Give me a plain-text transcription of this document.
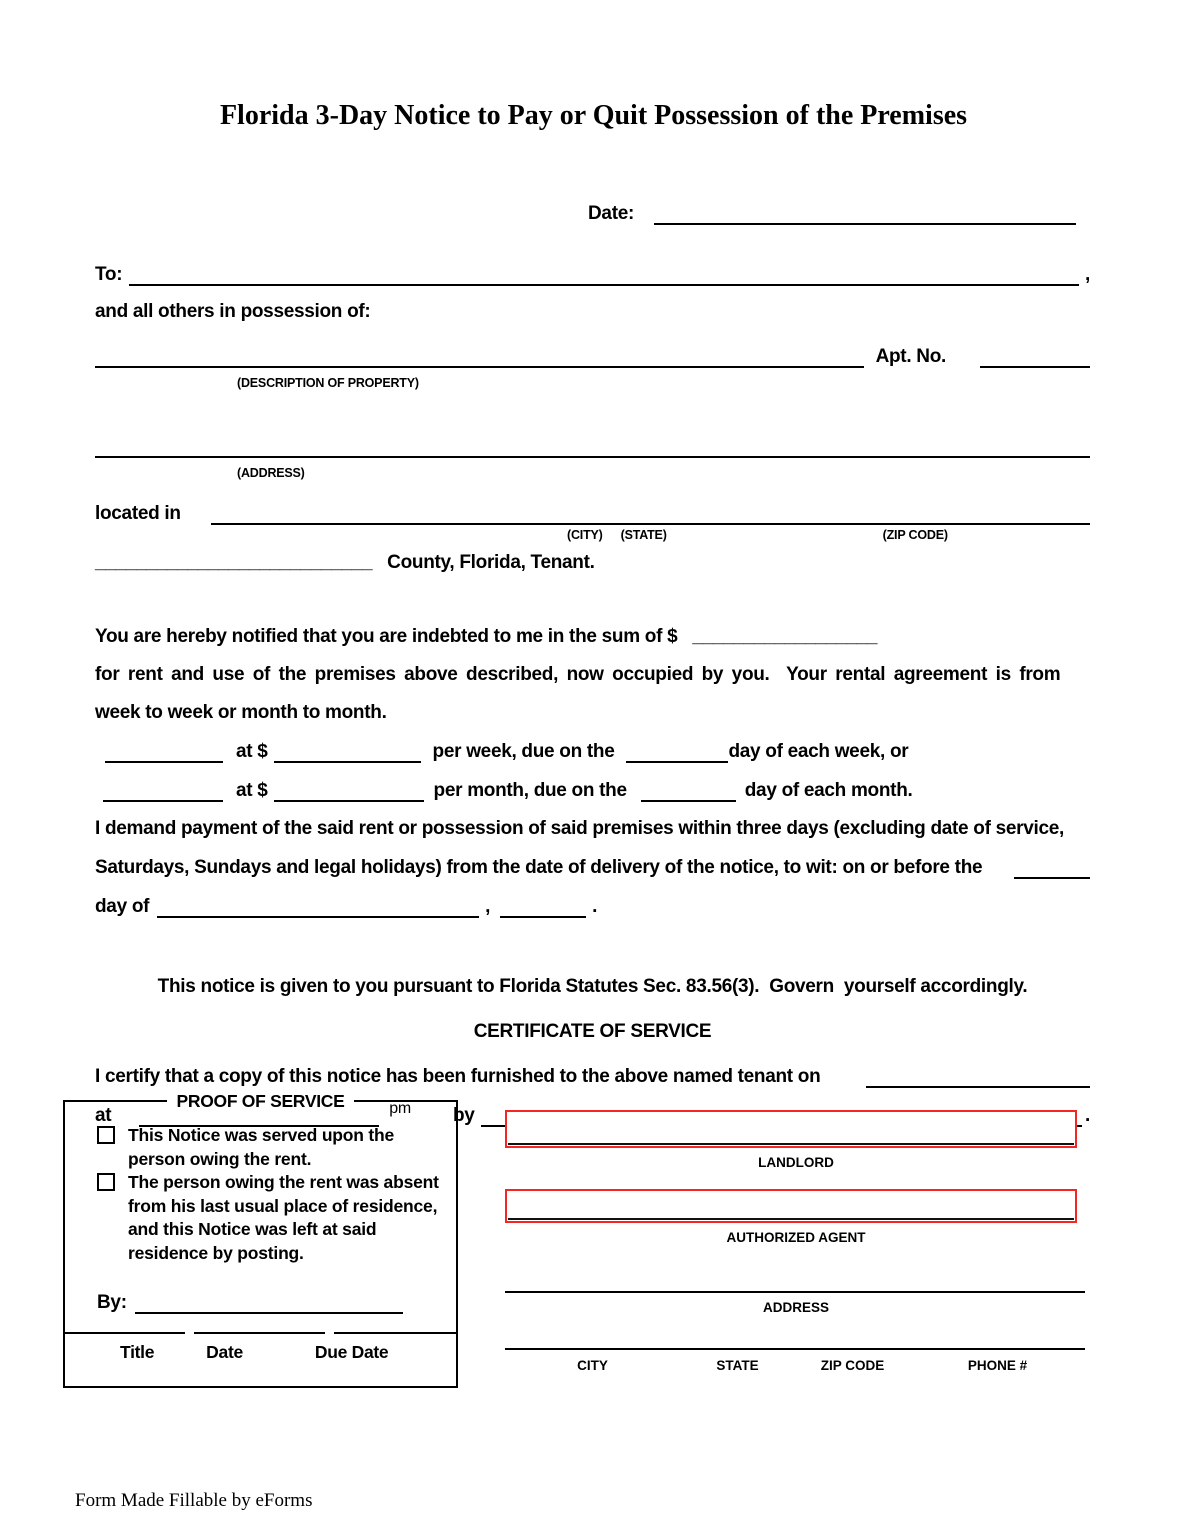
Florida 3-Day Notice to Pay or Quit Possession of the Premises
Date:
To:	,
and all others in possession of:
Apt. No.
(DESCRIPTION OF PROPERTY)
(ADDRESS)
located in
(CITY) (STATE)	(ZIP CODE)
___________________________ County, Florida, Tenant.
You are hereby notified that you are indebted to me in the sum of $ __________________
for rent and use of the premises above described, now occupied by you.  Your rental agreement is from
week to week or month to month.
at $	per week, due on the	day of each week, or
at $	per month, due on the	day of each month.
I demand payment of the said rent or possession of said premises within three days (excluding date of service,
Saturdays, Sundays and legal holidays) from the date of delivery of the notice, to wit: on or before the
day of	,	.
This notice is given to you pursuant to Florida Statutes Sec. 83.56(3).  Govern  yourself accordingly.
CERTIFICATE OF SERVICE
I certify that a copy of this notice has been furnished to the above named tenant on
at	pm by	.
PROOF OF SERVICE
This Notice was served upon the person owing the rent.
The person owing the rent was absent from his last usual place of residence, and this Notice was left at said residence by posting.
By:
Title	Date	Due Date
LANDLORD
AUTHORIZED AGENT
ADDRESS
CITY	STATE	ZIP CODE	PHONE #
Form Made Fillable by eForms
